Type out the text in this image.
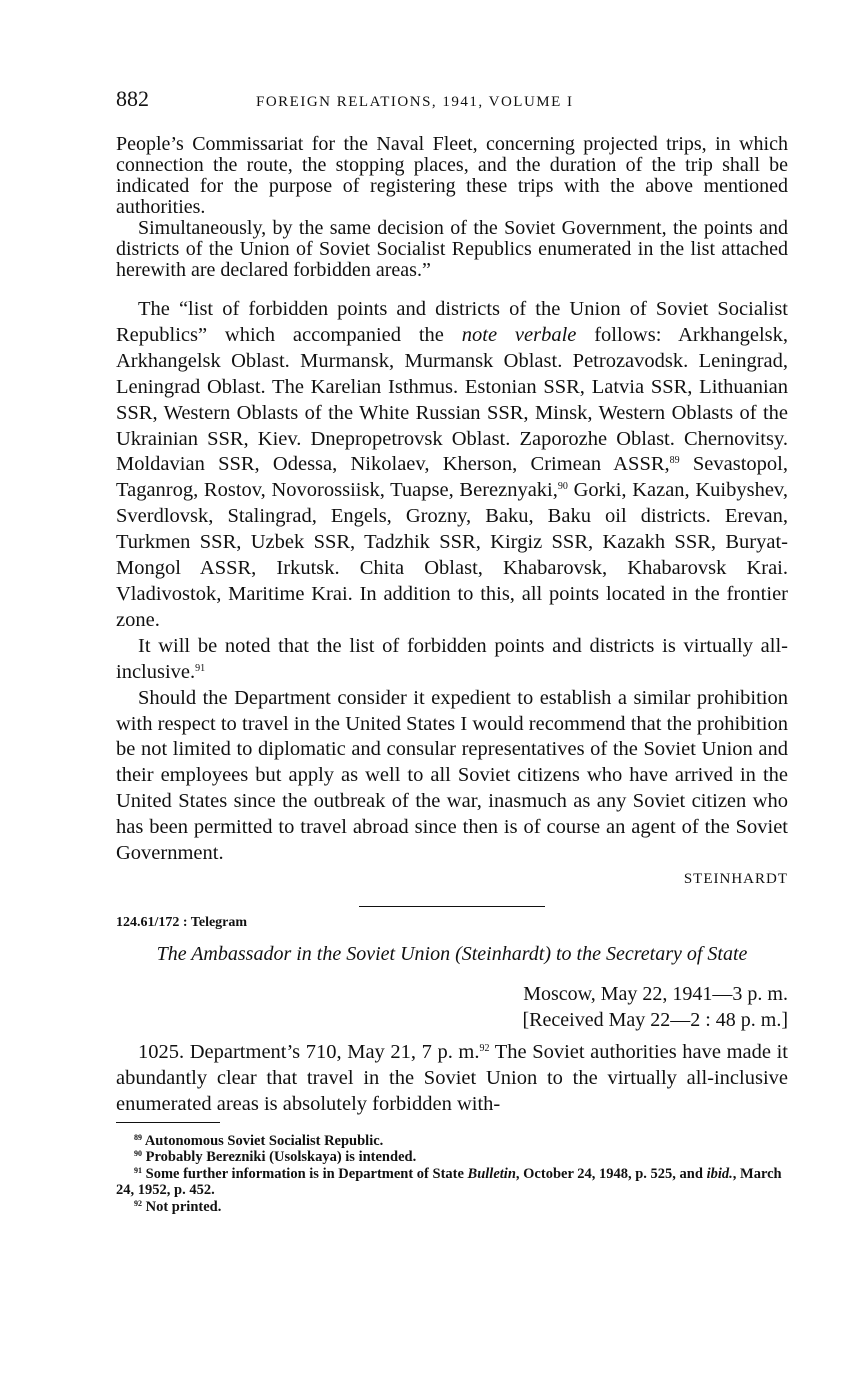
882	FOREIGN RELATIONS, 1941, VOLUME I

People’s Commissariat for the Naval Fleet, concerning projected trips, in which connection the route, the stopping places, and the duration of the trip shall be indicated for the purpose of registering these trips with the above mentioned authorities.

Simultaneously, by the same decision of the Soviet Government, the points and districts of the Union of Soviet Socialist Republics enumerated in the list attached herewith are declared forbidden areas.”

The “list of forbidden points and districts of the Union of Soviet Socialist Republics” which accompanied the note verbale follows: Arkhangelsk, Arkhangelsk Oblast. Murmansk, Murmansk Oblast. Petrozavodsk. Leningrad, Leningrad Oblast. The Karelian Isthmus. Estonian SSR, Latvia SSR, Lithuanian SSR, Western Oblasts of the White Russian SSR, Minsk, Western Oblasts of the Ukrainian SSR, Kiev. Dnepropetrovsk Oblast. Zaporozhe Oblast. Chernovitsy. Moldavian SSR, Odessa, Nikolaev, Kherson, Crimean ASSR,$^{89}$ Sevastopol, Taganrog, Rostov, Novorossiisk, Tuapse, Bereznyaki,$^{90}$ Gorki, Kazan, Kuibyshev, Sverdlovsk, Stalingrad, Engels, Grozny, Baku, Baku oil districts. Erevan, Turkmen SSR, Uzbek SSR, Tadzhik SSR, Kirgiz SSR, Kazakh SSR, Buryat-Mongol ASSR, Irkutsk. Chita Oblast, Khabarovsk, Khabarovsk Krai. Vladivostok, Maritime Krai. In addition to this, all points located in the frontier zone.

It will be noted that the list of forbidden points and districts is virtually all-inclusive.$^{91}$

Should the Department consider it expedient to establish a similar prohibition with respect to travel in the United States I would recommend that the prohibition be not limited to diplomatic and consular representatives of the Soviet Union and their employees but apply as well to all Soviet citizens who have arrived in the United States since the outbreak of the war, inasmuch as any Soviet citizen who has been permitted to travel abroad since then is of course an agent of the Soviet Government.

STEINHARDT
124.61/172 : Telegram
The Ambassador in the Soviet Union (Steinhardt) to the Secretary of State
Moscow, May 22, 1941—3 p. m.
[Received May 22—2 : 48 p. m.]

1025. Department’s 710, May 21, 7 p. m.$^{92}$ The Soviet authorities have made it abundantly clear that travel in the Soviet Union to the virtually all-inclusive enumerated areas is absolutely forbidden with-

$^{89}$ Autonomous Soviet Socialist Republic.

$^{90}$ Probably Berezniki (Usolskaya) is intended.

$^{91}$ Some further information is in Department of State Bulletin, October 24, 1948, p. 525, and ibid., March 24, 1952, p. 452.

$^{92}$ Not printed.
